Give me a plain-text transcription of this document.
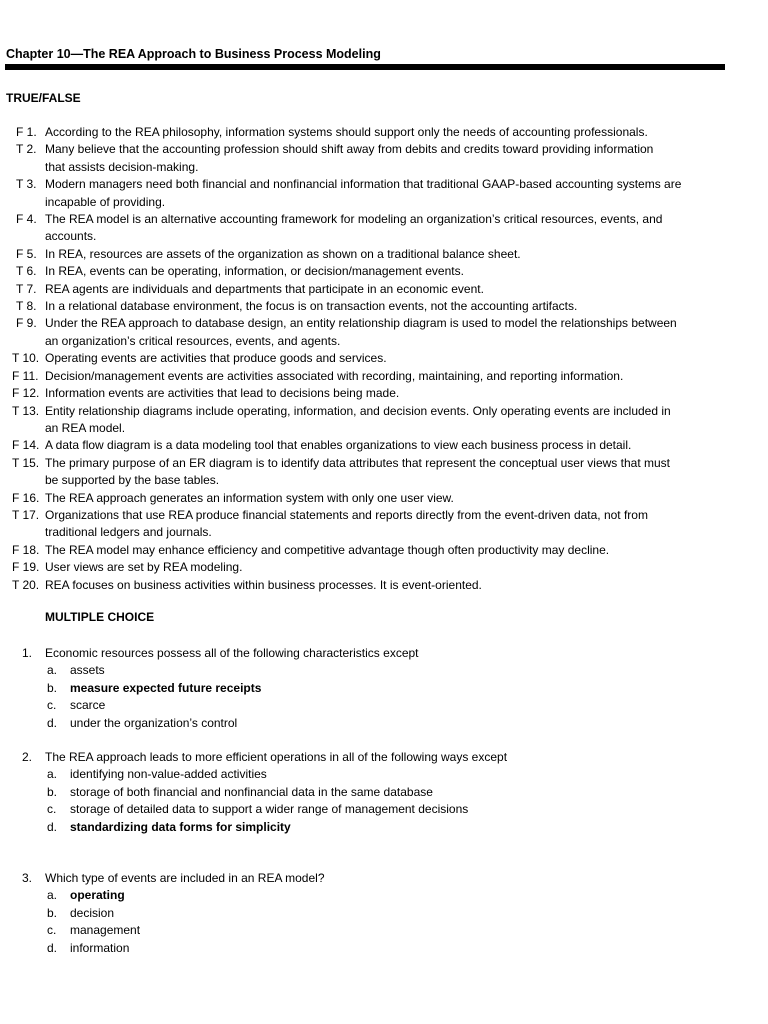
Chapter 10—The REA Approach to Business Process Modeling
TRUE/FALSE
F 1. According to the REA philosophy, information systems should support only the needs of accounting professionals.
T 2. Many believe that the accounting profession should shift away from debits and credits toward providing information
that assists decision-making.
T 3. Modern managers need both financial and nonfinancial information that traditional GAAP-based accounting systems are
incapable of providing.
F 4. The REA model is an alternative accounting framework for modeling an organization’s critical resources, events, and
accounts.
F 5. In REA, resources are assets of the organization as shown on a traditional balance sheet.
T 6. In REA, events can be operating, information, or decision/management events.
T 7. REA agents are individuals and departments that participate in an economic event.
T 8. In a relational database environment, the focus is on transaction events, not the accounting artifacts.
F 9. Under the REA approach to database design, an entity relationship diagram is used to model the relationships between
an organization’s critical resources, events, and agents.
T 10. Operating events are activities that produce goods and services.
F 11. Decision/management events are activities associated with recording, maintaining, and reporting information.
F 12. Information events are activities that lead to decisions being made.
T 13. Entity relationship diagrams include operating, information, and decision events. Only operating events are included in
an REA model.
F 14. A data flow diagram is a data modeling tool that enables organizations to view each business process in detail.
T 15. The primary purpose of an ER diagram is to identify data attributes that represent the conceptual user views that must
be supported by the base tables.
F 16. The REA approach generates an information system with only one user view.
T 17. Organizations that use REA produce financial statements and reports directly from the event-driven data, not from
traditional ledgers and journals.
F 18. The REA model may enhance efficiency and competitive advantage though often productivity may decline.
F 19. User views are set by REA modeling.
T 20. REA focuses on business activities within business processes. It is event-oriented.
MULTIPLE CHOICE
1.	Economic resources possess all of the following characteristics except
a.	assets
b.	measure expected future receipts
c.	scarce
d.	under the organization’s control
2.	The REA approach leads to more efficient operations in all of the following ways except
a.	identifying non-value-added activities
b.	storage of both financial and nonfinancial data in the same database
c.	storage of detailed data to support a wider range of management decisions
d.	standardizing data forms for simplicity
3.	Which type of events are included in an REA model?
a.	operating
b.	decision
c.	management
d.	information
